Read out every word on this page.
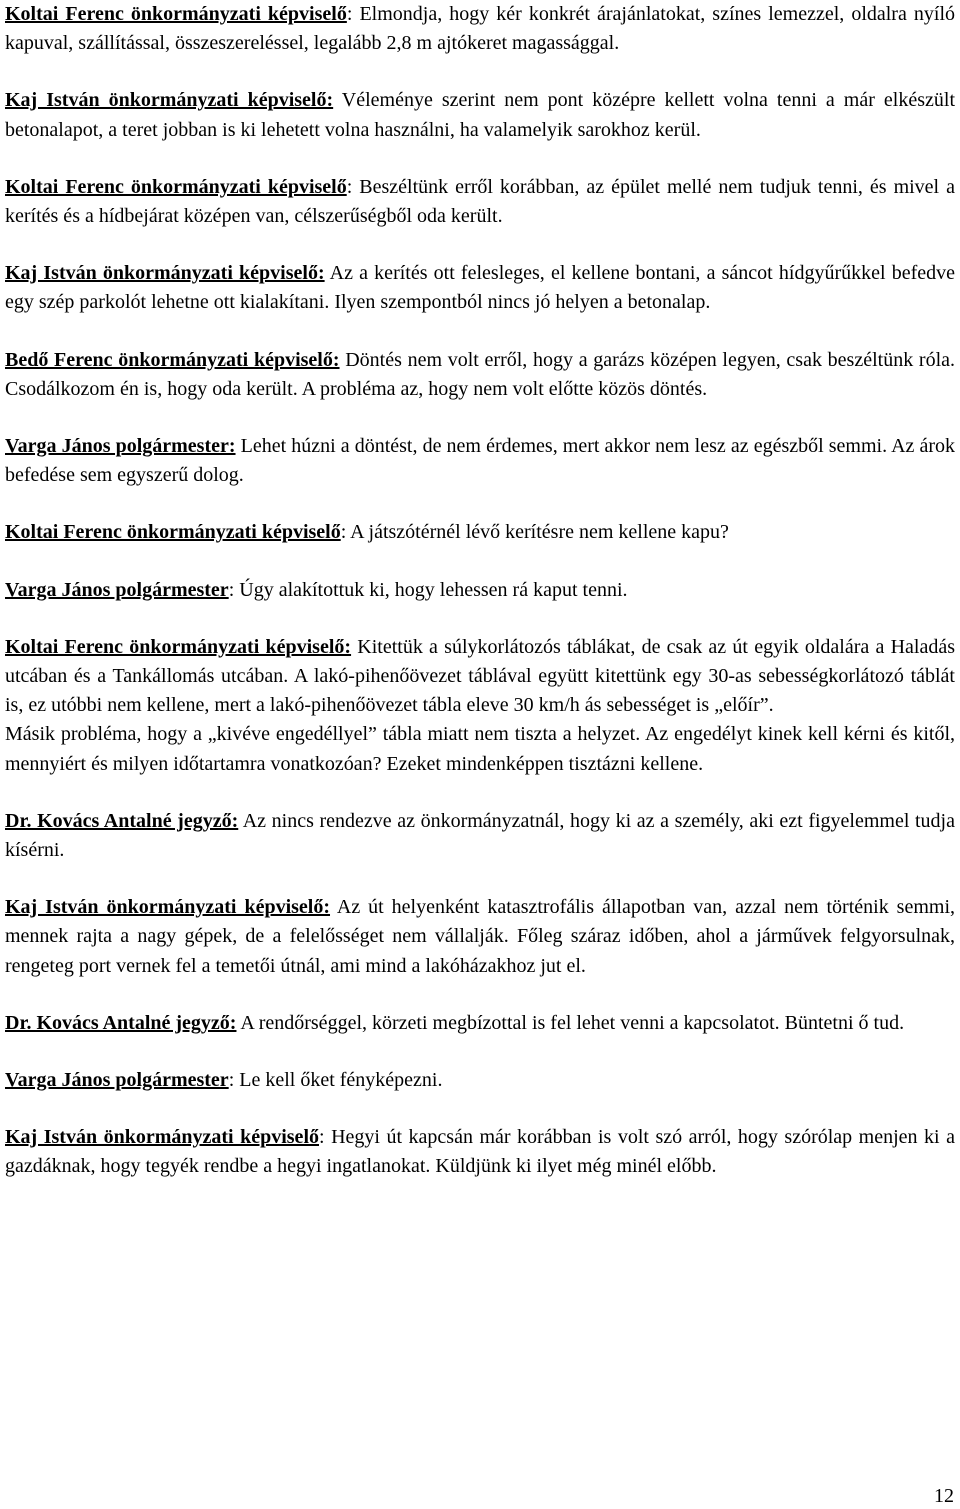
Koltai Ferenc önkormányzati képviselő: Elmondja, hogy kér konkrét árajánlatokat, színes lemezzel, oldalra nyíló kapuval, szállítással, összeszereléssel, legalább 2,8 m ajtókeret magassággal.

Kaj István önkormányzati képviselő: Véleménye szerint nem pont középre kellett volna tenni a már elkészült betonalapot, a teret jobban is ki lehetett volna használni, ha valamelyik sarokhoz kerül.

Koltai Ferenc önkormányzati képviselő: Beszéltünk erről korábban, az épület mellé nem tudjuk tenni, és mivel a kerítés és a hídbejárat középen van, célszerűségből oda került.

Kaj István önkormányzati képviselő: Az a kerítés ott felesleges, el kellene bontani, a sáncot hídgyűrűkkel befedve egy szép parkolót lehetne ott kialakítani. Ilyen szempontból nincs jó helyen a betonalap.

Bedő Ferenc önkormányzati képviselő: Döntés nem volt erről, hogy a garázs középen legyen, csak beszéltünk róla. Csodálkozom én is, hogy oda került. A probléma az, hogy nem volt előtte közös döntés.

Varga János polgármester: Lehet húzni a döntést, de nem érdemes, mert akkor nem lesz az egészből semmi. Az árok befedése sem egyszerű dolog.

Koltai Ferenc önkormányzati képviselő: A játszótérnél lévő kerítésre nem kellene kapu?

Varga János polgármester: Úgy alakítottuk ki, hogy lehessen rá kaput tenni.

Koltai Ferenc önkormányzati képviselő: Kitettük a súlykorlátozós táblákat, de csak az út egyik oldalára a Haladás utcában és a Tankállomás utcában. A lakó-pihenőövezet táblával együtt kitettünk egy 30-as sebességkorlátozó táblát is, ez utóbbi nem kellene, mert a lakó-pihenőövezet tábla eleve 30 km/h ás sebességet is „előír”.

Másik probléma, hogy a „kivéve engedéllyel” tábla miatt nem tiszta a helyzet. Az engedélyt kinek kell kérni és kitől, mennyiért és milyen időtartamra vonatkozóan? Ezeket mindenképpen tisztázni kellene.

Dr. Kovács Antalné jegyző: Az nincs rendezve az önkormányzatnál, hogy ki az a személy, aki ezt figyelemmel tudja kísérni.

Kaj István önkormányzati képviselő: Az út helyenként katasztrofális állapotban van, azzal nem történik semmi, mennek rajta a nagy gépek, de a felelősséget nem vállalják. Főleg száraz időben, ahol a járművek felgyorsulnak, rengeteg port vernek fel a temetői útnál, ami mind a lakóházakhoz jut el.

Dr. Kovács Antalné jegyző: A rendőrséggel, körzeti megbízottal is fel lehet venni a kapcsolatot. Büntetni ő tud.

Varga János polgármester: Le kell őket fényképezni.

Kaj István önkormányzati képviselő: Hegyi út kapcsán már korábban is volt szó arról, hogy szórólap menjen ki a gazdáknak, hogy tegyék rendbe a hegyi ingatlanokat. Küldjünk ki ilyet még minél előbb.

12
